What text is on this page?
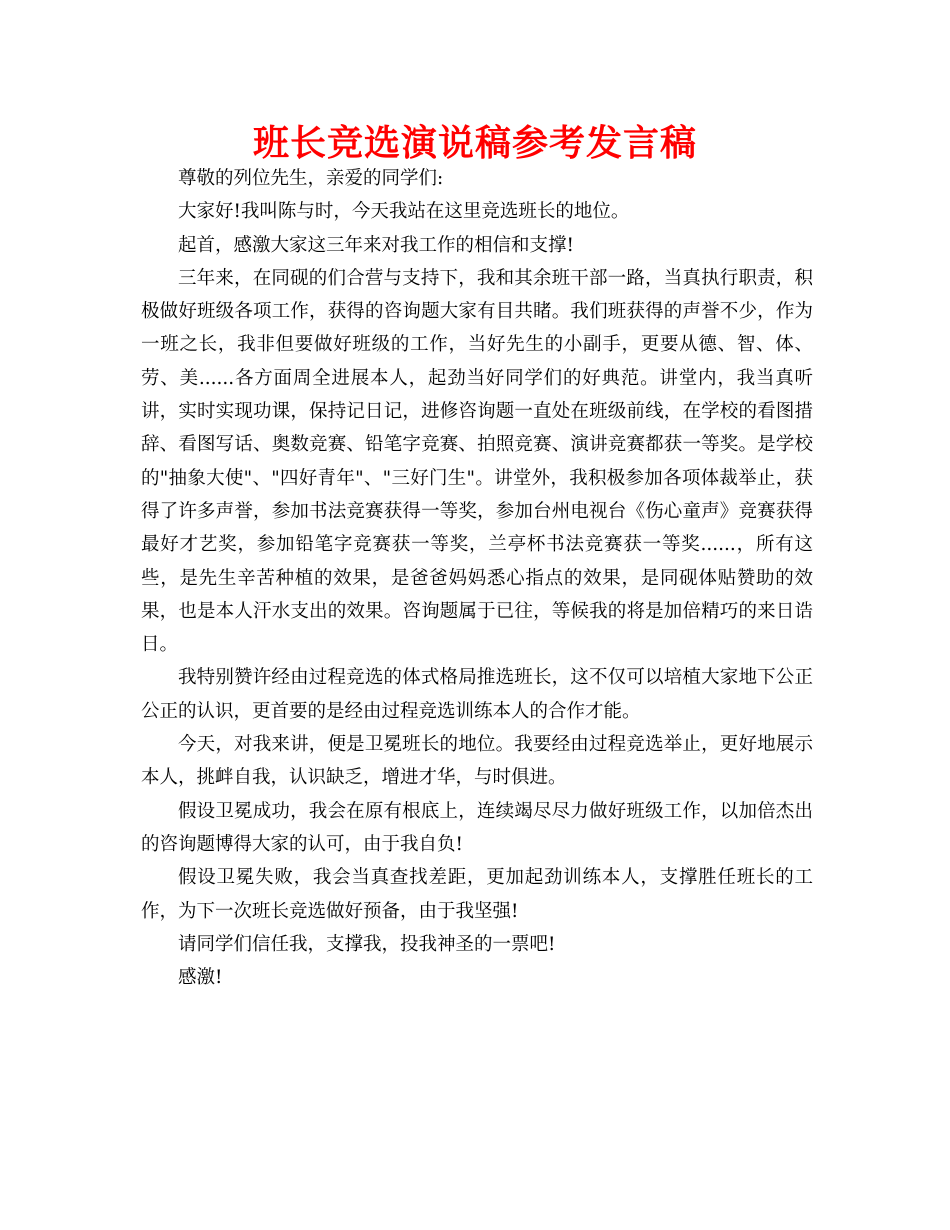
班长竞选演说稿参考发言稿

尊敬的列位先生，亲爱的同学们:

大家好!我叫陈与时，今天我站在这里竞选班长的地位。

起首，感激大家这三年来对我工作的相信和支撑!

三年来，在同砚的们合营与支持下，我和其余班干部一路，当真执行职责，积极做好班级各项工作，获得的咨询题大家有目共睹。我们班获得的声誉不少，作为一班之长，我非但要做好班级的工作，当好先生的小副手，更要从德、智、体、劳、美......各方面周全进展本人，起劲当好同学们的好典范。讲堂内，我当真听讲，实时实现功课，保持记日记，进修咨询题一直处在班级前线，在学校的看图措辞、看图写话、奥数竞赛、铅笔字竞赛、拍照竞赛、演讲竞赛都获一等奖。是学校的"抽象大使"、"四好青年"、"三好门生"。讲堂外，我积极参加各项体裁举止，获得了许多声誉，参加书法竞赛获得一等奖，参加台州电视台《伤心童声》竞赛获得最好才艺奖，参加铅笔字竞赛获一等奖，兰亭杯书法竞赛获一等奖......，所有这些，是先生辛苦种植的效果，是爸爸妈妈悉心指点的效果，是同砚体贴赞助的效果，也是本人汗水支出的效果。咨询题属于已往，等候我的将是加倍精巧的来日诰日。

我特别赞许经由过程竞选的体式格局推选班长，这不仅可以培植大家地下公正公正的认识，更首要的是经由过程竞选训练本人的合作才能。

今天，对我来讲，便是卫冕班长的地位。我要经由过程竞选举止，更好地展示本人，挑衅自我，认识缺乏，增进才华，与时俱进。

假设卫冕成功，我会在原有根底上，连续竭尽尽力做好班级工作，以加倍杰出的咨询题博得大家的认可，由于我自负!

假设卫冕失败，我会当真查找差距，更加起劲训练本人，支撑胜任班长的工作，为下一次班长竞选做好预备，由于我坚强!

请同学们信任我，支撑我，投我神圣的一票吧!

感激!
